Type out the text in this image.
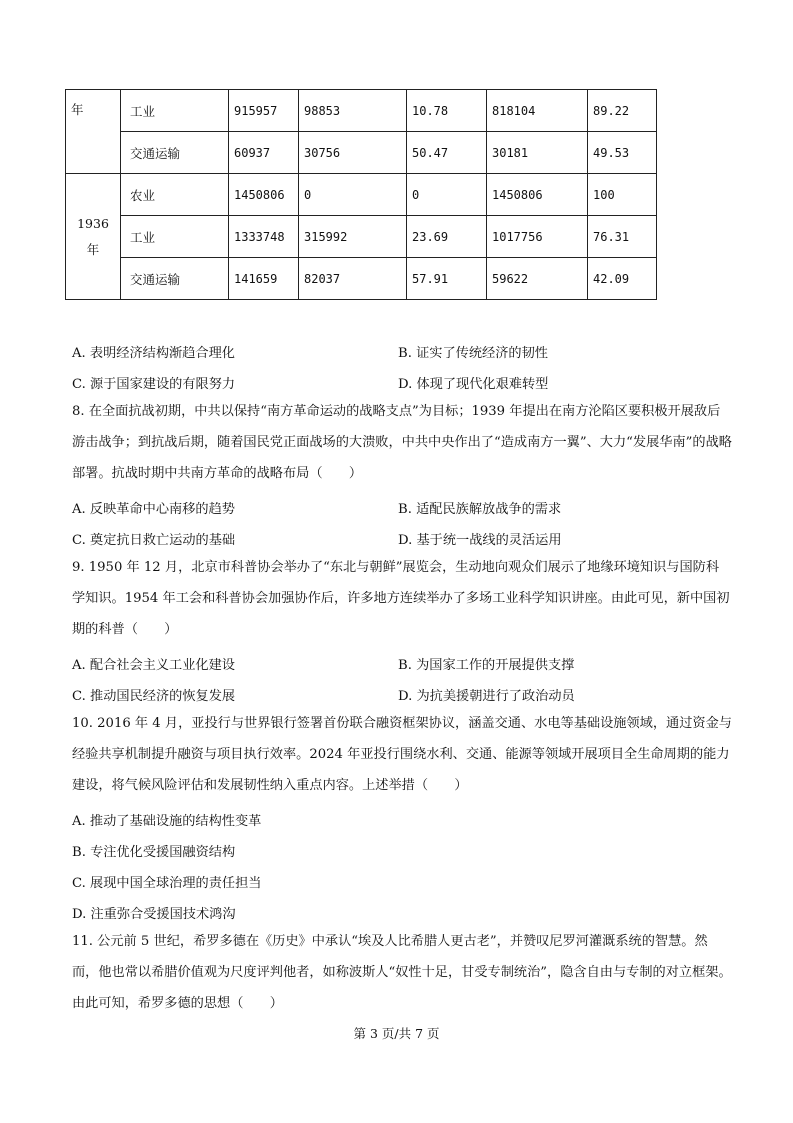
年	工业	915957	98853	10.78	818104	89.22
	交通运输	60937	30756	50.47	30181	49.53
1936
年	农业	1450806	0	0	1450806	100
	工业	1333748	315992	23.69	1017756	76.31
	交通运输	141659	82037	57.91	59622	42.09
A. 表明经济结构渐趋合理化	B. 证实了传统经济的韧性
C. 源于国家建设的有限努力	D. 体现了现代化艰难转型
8. 在全面抗战初期，中共以保持“南方革命运动的战略支点”为目标；1939 年提出在南方沦陷区要积极开展敌后游击战争；到抗战后期，随着国民党正面战场的大溃败，中共中央作出了“造成南方一翼”、大力“发展华南”的战略部署。抗战时期中共南方革命的战略布局（　　）
A. 反映革命中心南移的趋势	B. 适配民族解放战争的需求
C. 奠定抗日救亡运动的基础	D. 基于统一战线的灵活运用
9. 1950 年 12 月，北京市科普协会举办了“东北与朝鲜”展览会，生动地向观众们展示了地缘环境知识与国防科学知识。1954 年工会和科普协会加强协作后，许多地方连续举办了多场工业科学知识讲座。由此可见，新中国初期的科普（　　）
A. 配合社会主义工业化建设	B. 为国家工作的开展提供支撑
C. 推动国民经济的恢复发展	D. 为抗美援朝进行了政治动员
10. 2016 年 4 月，亚投行与世界银行签署首份联合融资框架协议，涵盖交通、水电等基础设施领域，通过资金与经验共享机制提升融资与项目执行效率。2024 年亚投行围绕水利、交通、能源等领域开展项目全生命周期的能力建设，将气候风险评估和发展韧性纳入重点内容。上述举措（　　）
A. 推动了基础设施的结构性变革
B. 专注优化受援国融资结构
C. 展现中国全球治理的责任担当
D. 注重弥合受援国技术鸿沟
11. 公元前 5 世纪，希罗多德在《历史》中承认“埃及人比希腊人更古老”，并赞叹尼罗河灌溉系统的智慧。然而，他也常以希腊价值观为尺度评判他者，如称波斯人“奴性十足，甘受专制统治”，隐含自由与专制的对立框架。由此可知，希罗多德的思想（　　）
第 3 页/共 7 页
